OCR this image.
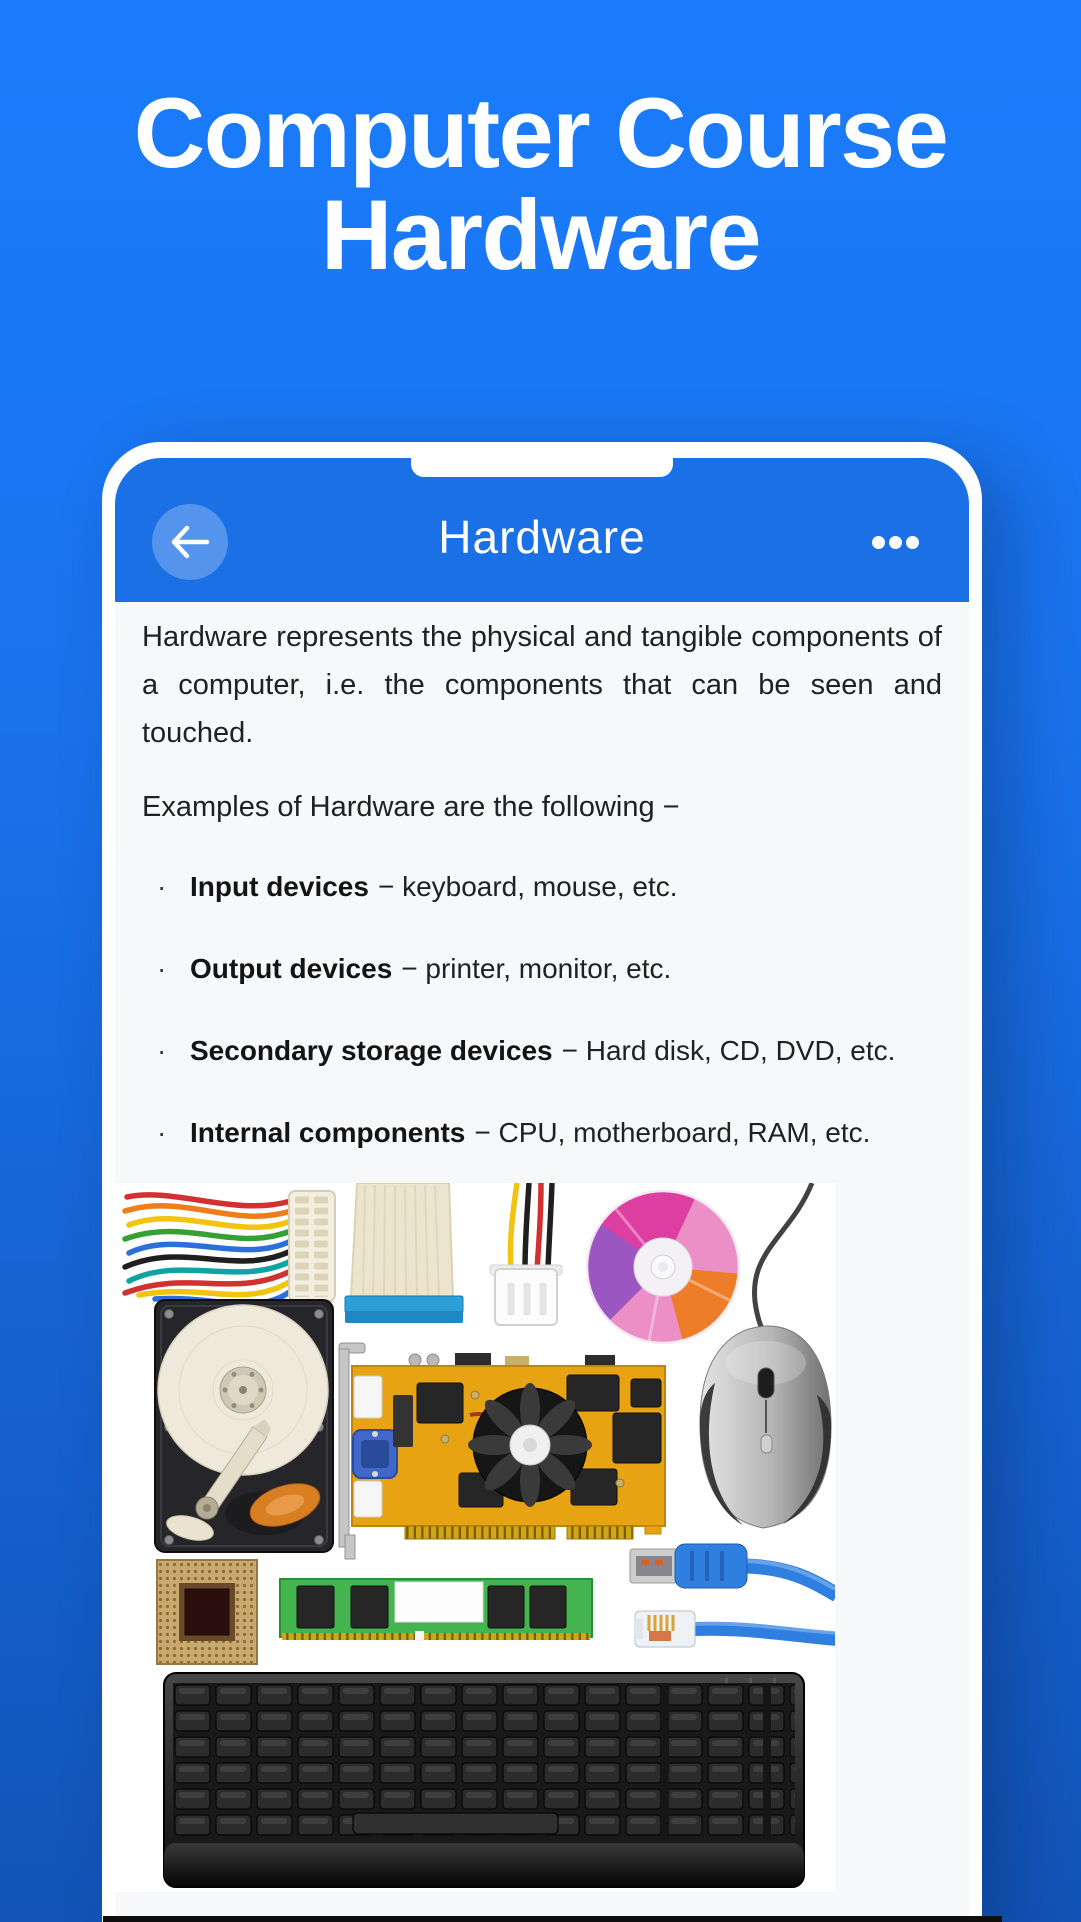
Computer Course
Hardware
Hardware
Hardware represents the physical and tangible components of a computer, i.e. the components that can be seen and touched.
Examples of Hardware are the following −
· Input devices − keyboard, mouse, etc.
· Output devices − printer, monitor, etc.
· Secondary storage devices − Hard disk, CD, DVD, etc.
· Internal components − CPU, motherboard, RAM, etc.
